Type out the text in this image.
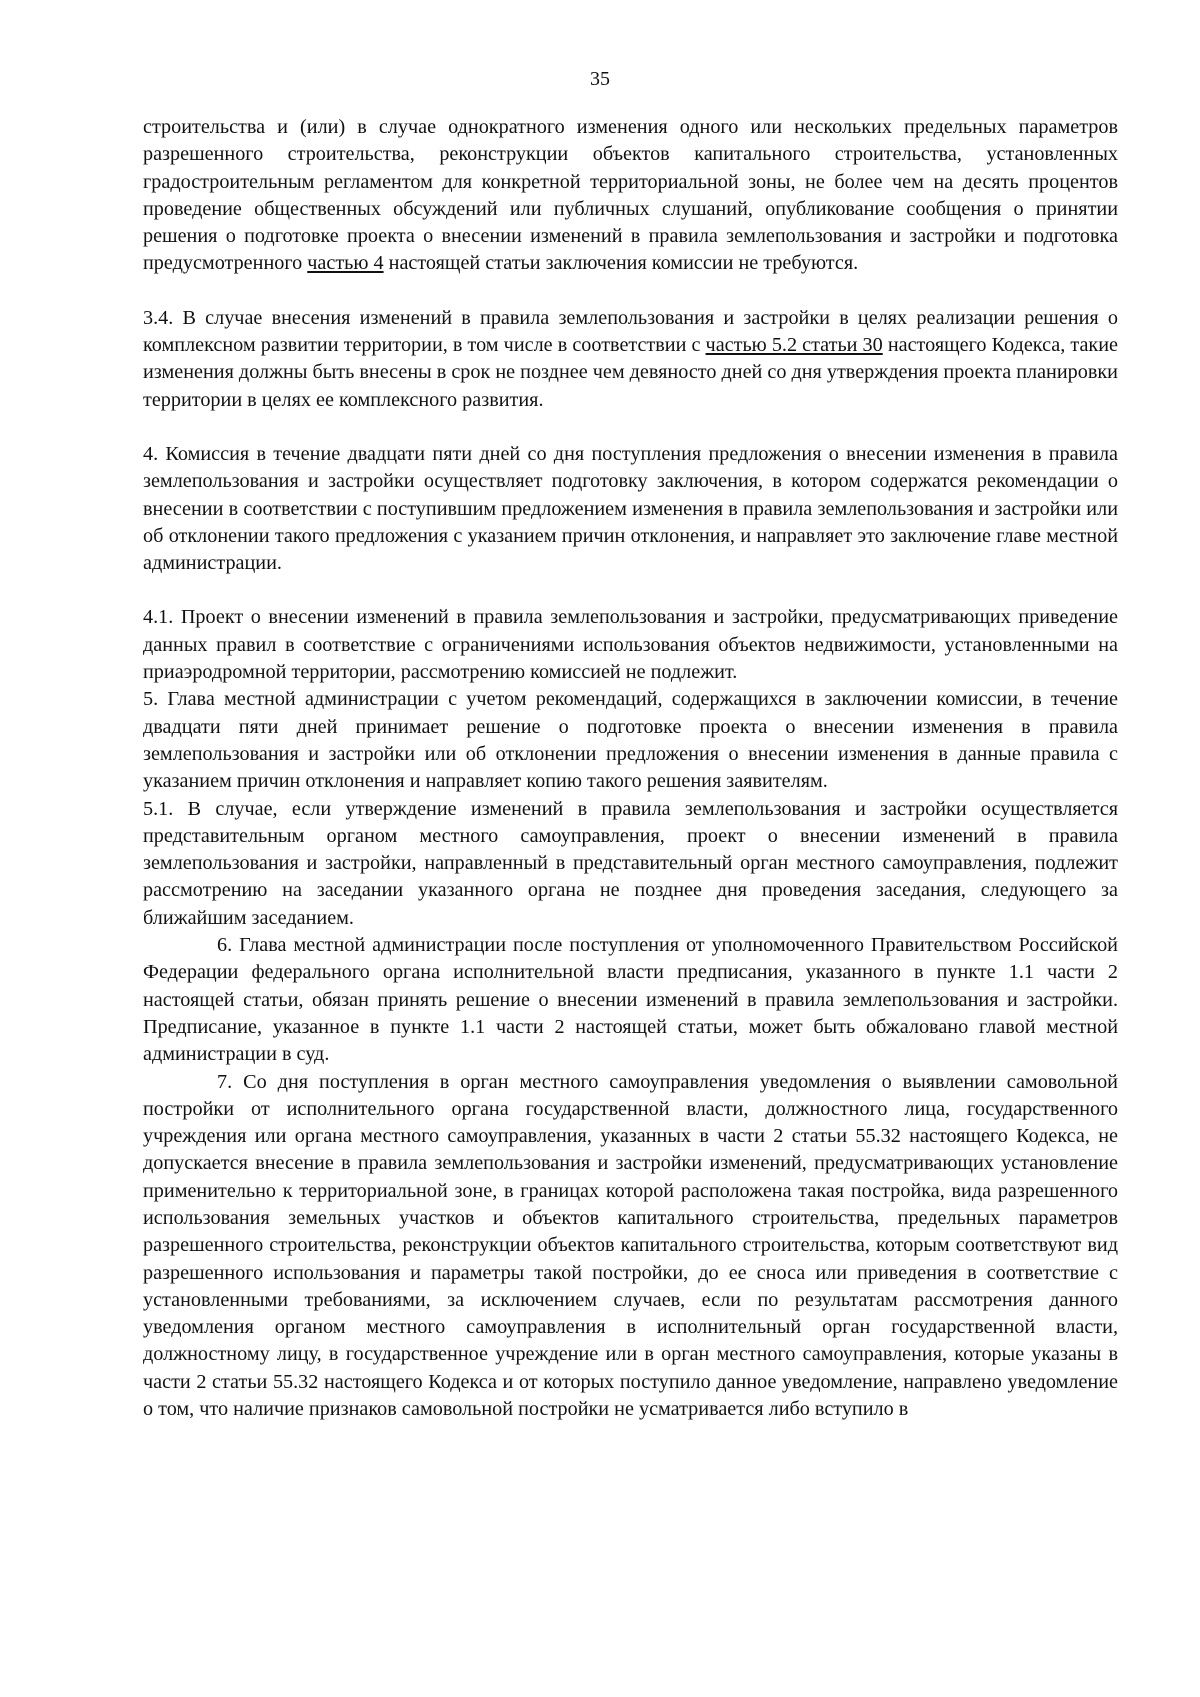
35

строительства и (или) в случае однократного изменения одного или нескольких предельных параметров разрешенного строительства, реконструкции объектов капитального строительства, установленных градостроительным регламентом для конкретной территориальной зоны, не более чем на десять процентов проведение общественных обсуждений или публичных слушаний, опубликование сообщения о принятии решения о подготовке проекта о внесении изменений в правила землепользования и застройки и подготовка предусмотренного частью 4 настоящей статьи заключения комиссии не требуются.

3.4. В случае внесения изменений в правила землепользования и застройки в целях реализации решения о комплексном развитии территории, в том числе в соответствии с частью 5.2 статьи 30 настоящего Кодекса, такие изменения должны быть внесены в срок не позднее чем девяносто дней со дня утверждения проекта планировки территории в целях ее комплексного развития.

4. Комиссия в течение двадцати пяти дней со дня поступления предложения о внесении изменения в правила землепользования и застройки осуществляет подготовку заключения, в котором содержатся рекомендации о внесении в соответствии с поступившим предложением изменения в правила землепользования и застройки или об отклонении такого предложения с указанием причин отклонения, и направляет это заключение главе местной администрации.

4.1. Проект о внесении изменений в правила землепользования и застройки, предусматривающих приведение данных правил в соответствие с ограничениями использования объектов недвижимости, установленными на приаэродромной территории, рассмотрению комиссией не подлежит.

5. Глава местной администрации с учетом рекомендаций, содержащихся в заключении комиссии, в течение двадцати пяти дней принимает решение о подготовке проекта о внесении изменения в правила землепользования и застройки или об отклонении предложения о внесении изменения в данные правила с указанием причин отклонения и направляет копию такого решения заявителям.

5.1. В случае, если утверждение изменений в правила землепользования и застройки осуществляется представительным органом местного самоуправления, проект о внесении изменений в правила землепользования и застройки, направленный в представительный орган местного самоуправления, подлежит рассмотрению на заседании указанного органа не позднее дня проведения заседания, следующего за ближайшим заседанием.

6. Глава местной администрации после поступления от уполномоченного Правительством Российской Федерации федерального органа исполнительной власти предписания, указанного в пункте 1.1 части 2 настоящей статьи, обязан принять решение о внесении изменений в правила землепользования и застройки. Предписание, указанное в пункте 1.1 части 2 настоящей статьи, может быть обжаловано главой местной администрации в суд.

7. Со дня поступления в орган местного самоуправления уведомления о выявлении самовольной постройки от исполнительного органа государственной власти, должностного лица, государственного учреждения или органа местного самоуправления, указанных в части 2 статьи 55.32 настоящего Кодекса, не допускается внесение в правила землепользования и застройки изменений, предусматривающих установление применительно к территориальной зоне, в границах которой расположена такая постройка, вида разрешенного использования земельных участков и объектов капитального строительства, предельных параметров разрешенного строительства, реконструкции объектов капитального строительства, которым соответствуют вид разрешенного использования и параметры такой постройки, до ее сноса или приведения в соответствие с установленными требованиями, за исключением случаев, если по результатам рассмотрения данного уведомления органом местного самоуправления в исполнительный орган государственной власти, должностному лицу, в государственное учреждение или в орган местного самоуправления, которые указаны в части 2 статьи 55.32 настоящего Кодекса и от которых поступило данное уведомление, направлено уведомление о том, что наличие признаков самовольной постройки не усматривается либо вступило в
